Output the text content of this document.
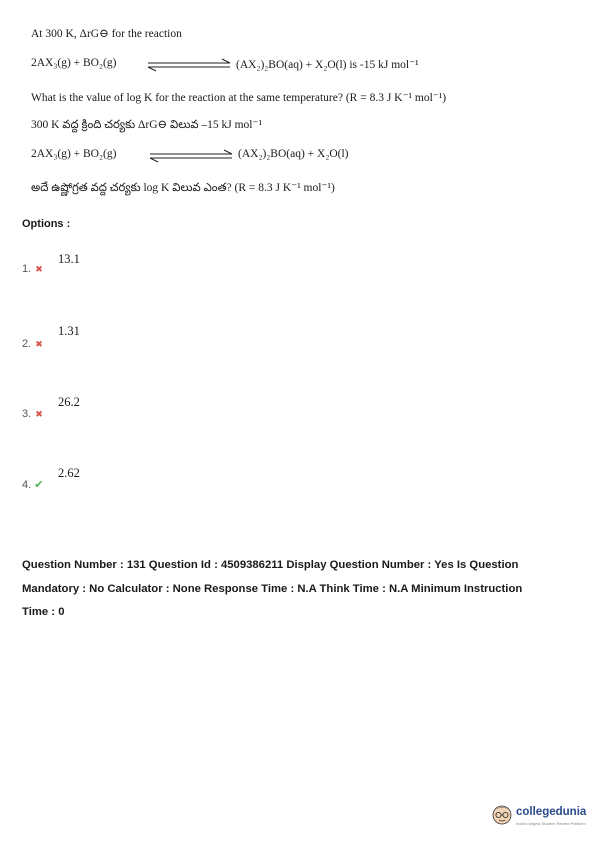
At 300 K, ΔrG⊖ for the reaction
2AX₃(g) + BO₂(g)	(AX₂)₂BO(aq) + X₂O(l) is -15 kJ mol⁻¹
What is the value of log K for the reaction at the same temperature? (R = 8.3 J K⁻¹ mol⁻¹)
300 K వద్ద క్రింది చర్యకు ΔrG⊖ విలువ –15 kJ mol⁻¹
2AX₃(g) + BO₂(g)	(AX₂)₂BO(aq) + X₂O(l)
అదే ఉష్ణోగ్రత వద్ద చర్యకు log K విలువ ఎంత? (R = 8.3 J K⁻¹ mol⁻¹)
Options :
13.1
1. ✖
1.31
2. ✖
26.2
3. ✖
2.62
4. ✔
Question Number : 131 Question Id : 4509386211 Display Question Number : Yes Is Question
Mandatory : No Calculator : None Response Time : N.A Think Time : N.A Minimum Instruction
Time : 0
collegedunia
India's largest Student Review Platform
